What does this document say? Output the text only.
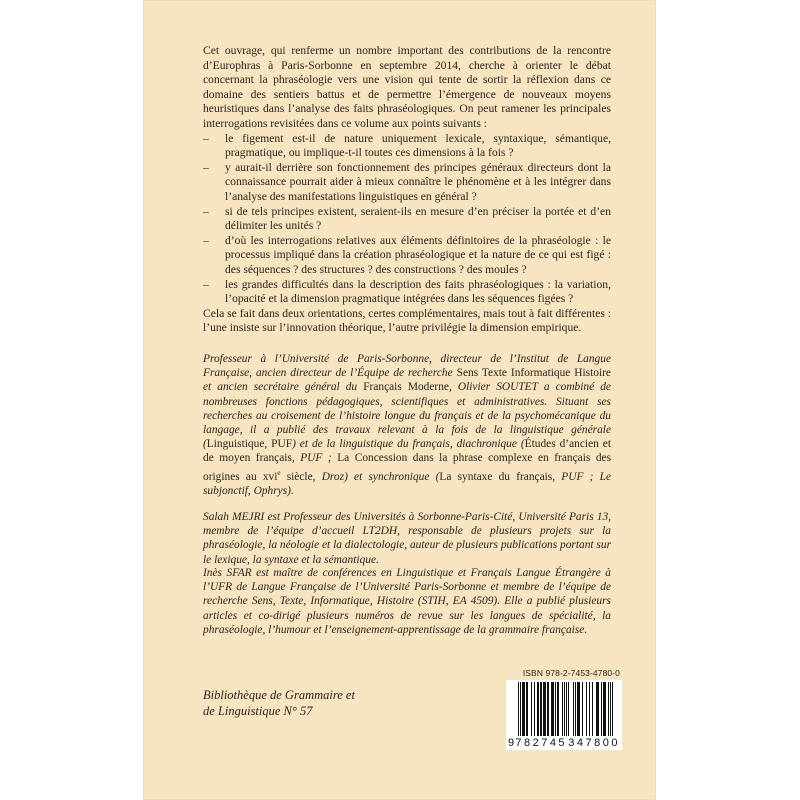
Cet ouvrage, qui renferme un nombre important des contributions de la rencontre d’Europhras à Paris-Sorbonne en septembre 2014, cherche à orienter le débat concernant la phraséologie vers une vision qui tente de sortir la réflexion dans ce domaine des sentiers battus et de permettre l’émergence de nouveaux moyens heuristiques dans l’analyse des faits phraséologiques. On peut ramener les principales interrogations revisitées dans ce volume aux points suivants :

– le figement est-il de nature uniquement lexicale, syntaxique, sémantique, pragmatique, ou implique-t-il toutes ces dimensions à la fois ?
– y aurait-il derrière son fonctionnement des principes généraux directeurs dont la connaissance pourrait aider à mieux connaître le phénomène et à les intégrer dans l’analyse des manifestations linguistiques en général ?
– si de tels principes existent, seraient-ils en mesure d’en préciser la portée et d’en délimiter les unités ?
– d’où les interrogations relatives aux éléments définitoires de la phraséologie : le processus impliqué dans la création phraséologique et la nature de ce qui est figé : des séquences ? des structures ? des constructions ? des moules ?
– les grandes difficultés dans la description des faits phraséologiques : la variation, l’opacité et la dimension pragmatique intégrées dans les séquences figées ?

Cela se fait dans deux orientations, certes complémentaires, mais tout à fait différentes : l’une insiste sur l’innovation théorique, l’autre privilégie la dimension empirique.

Professeur à l’Université de Paris-Sorbonne, directeur de l’Institut de Langue Française, ancien directeur de l’Équipe de recherche Sens Texte Informatique Histoire et ancien secrétaire général du Français Moderne, Olivier SOUTET a combiné de nombreuses fonctions pédagogiques, scientifiques et administratives. Situant ses recherches au croisement de l’histoire longue du français et de la psychomécanique du langage, il a publié des travaux relevant à la fois de la linguistique générale (Linguistique, PUF) et de la linguistique du français, diachronique (Études d’ancien et de moyen français, PUF ; La Concession dans la phrase complexe en français des origines au xvi$^e$ siècle, Droz) et synchronique (La syntaxe du français, PUF ; Le subjonctif, Ophrys).
Salah MEJRI est Professeur des Universités à Sorbonne-Paris-Cité, Université Paris 13, membre de l’équipe d’accueil LT2DH, responsable de plusieurs projets sur la phraséologie, la néologie et la dialectologie, auteur de plusieurs publications portant sur le lexique, la syntaxe et la sémantique.
Inès SFAR est maître de conférences en Linguistique et Français Langue Étrangère à l’UFR de Langue Française de l’Université Paris-Sorbonne et membre de l’équipe de recherche Sens, Texte, Informatique, Histoire (STIH, EA 4509). Elle a publié plusieurs articles et co-dirigé plusieurs numéros de revue sur les langues de spécialité, la phraséologie, l’humour et l’enseignement-apprentissage de la grammaire française.
Bibliothèque de Grammaire et
de Linguistique N° 57
ISBN 978-2-7453-4780-0
9 782745 347800
